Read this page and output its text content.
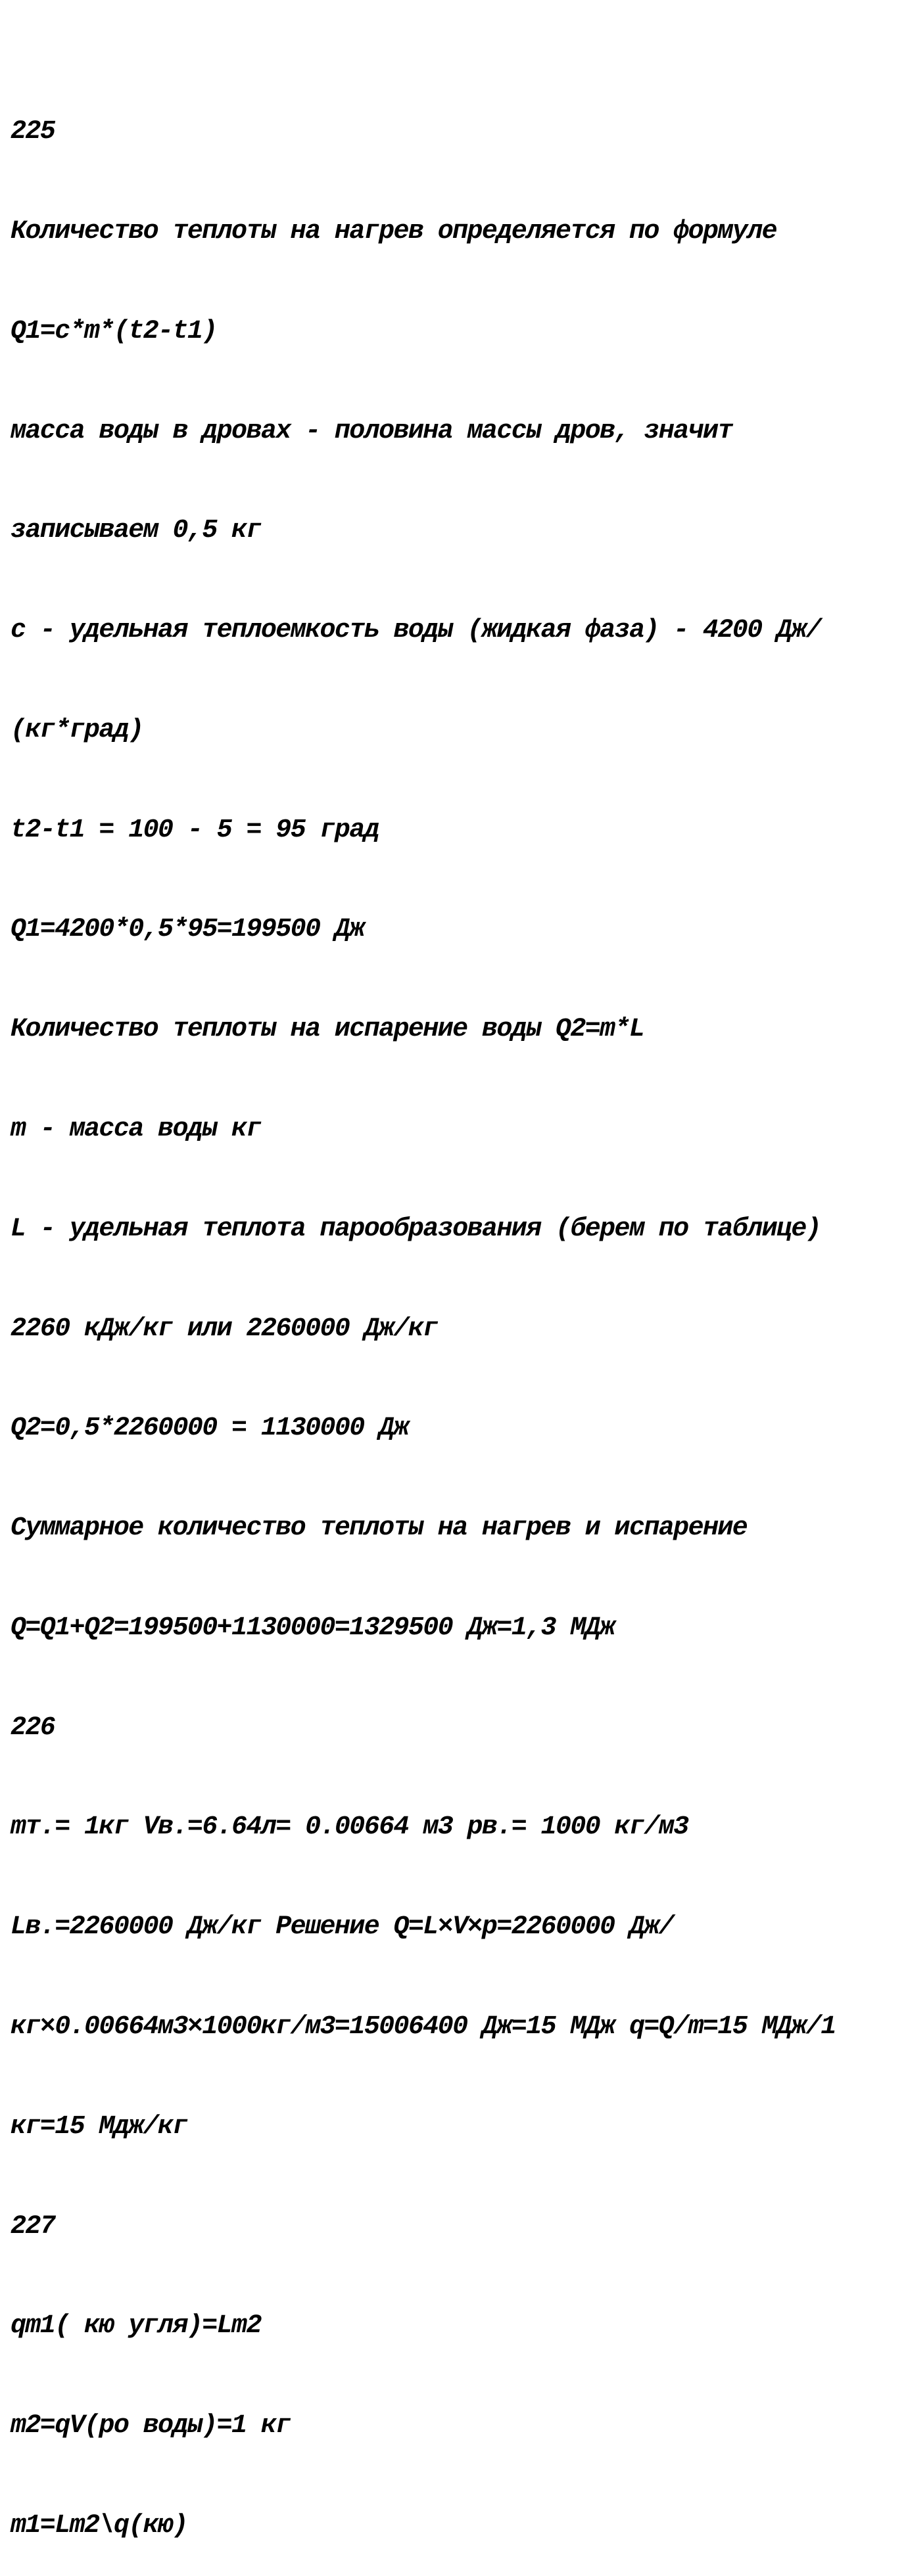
225

Количество теплоты на нагрев определяется по формуле

Q1=c*m*(t2-t1)

масса воды в дровах - половина массы дров, значит

записываем 0,5 кг

с - удельная теплоемкость воды (жидкая фаза) - 4200 Дж/

(кг*град)

t2-t1 = 100 - 5 = 95 град

Q1=4200*0,5*95=199500 Дж

Количество теплоты на испарение воды Q2=m*L

m - масса воды кг

L - удельная теплота парообразования (берем по таблице)

2260 кДж/кг или 2260000 Дж/кг

Q2=0,5*2260000 = 1130000 Дж

Суммарное количество теплоты на нагрев и испарение

Q=Q1+Q2=199500+1130000=1329500 Дж=1,3 МДж

226

mт.= 1кг Vв.=6.64л= 0.00664 м3 рв.= 1000 кг/м3

Lв.=2260000 Дж/кг Решение Q=L×V×p=2260000 Дж/

кг×0.00664м3×1000кг/м3=15006400 Дж=15 МДж q=Q/m=15 МДж/1

кг=15 Мдж/кг

227

qm1( кю угля)=Lm2

m2=qV(ро воды)=1 кг

m1=Lm2\q(кю)
